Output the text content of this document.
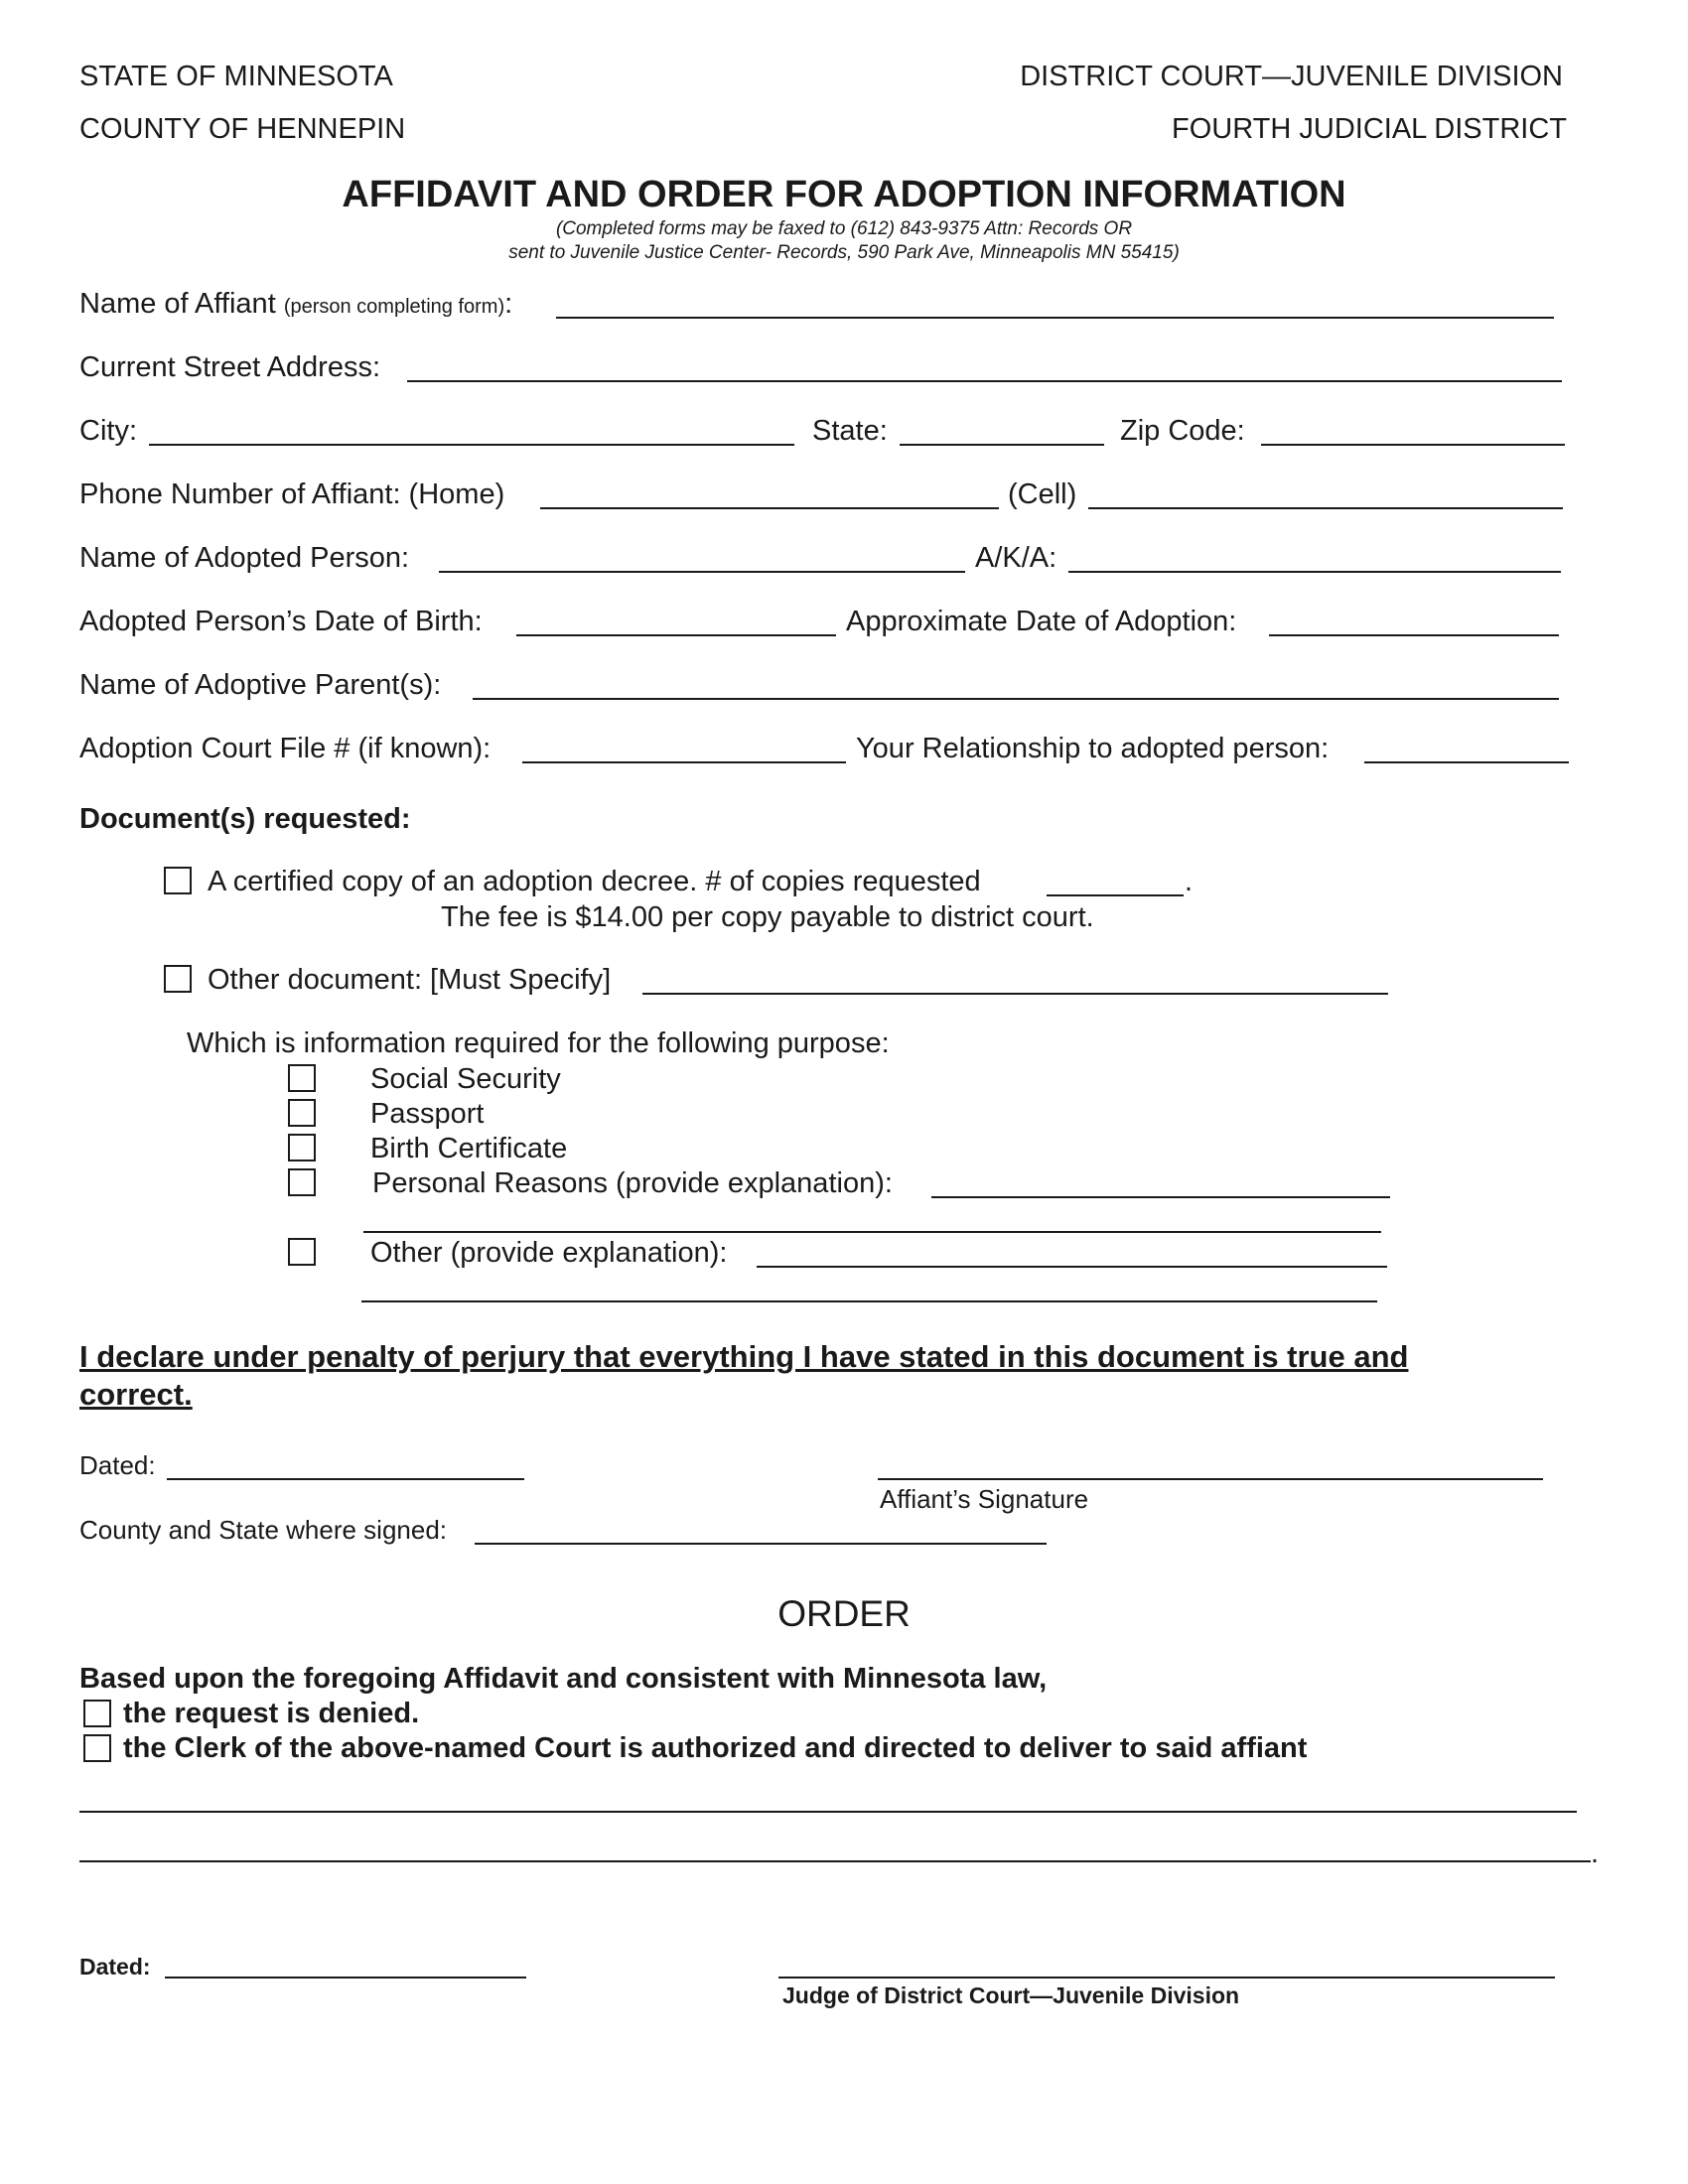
STATE OF MINNESOTA
COUNTY OF HENNEPIN
DISTRICT COURT—JUVENILE DIVISION
FOURTH JUDICIAL DISTRICT
AFFIDAVIT AND ORDER FOR ADOPTION INFORMATION
(Completed forms may be faxed to (612) 843-9375 Attn: Records OR
sent to Juvenile Justice Center- Records, 590 Park Ave, Minneapolis MN 55415)
Name of Affiant (person completing form):
Current Street Address:
City:	State:	Zip Code:
Phone Number of Affiant: (Home)	(Cell)
Name of Adopted Person:	A/K/A:
Adopted Person’s Date of Birth:	Approximate Date of Adoption:
Name of Adoptive Parent(s):
Adoption Court File # (if known):	Your Relationship to adopted person:
Document(s) requested:
A certified copy of an adoption decree. # of copies requested	.
The fee is $14.00 per copy payable to district court.
Other document: [Must Specify]
Which is information required for the following purpose:
Social Security
Passport
Birth Certificate
Personal Reasons (provide explanation):
Other (provide explanation):
I declare under penalty of perjury that everything I have stated in this document is true and
correct.
Dated:
Affiant’s Signature
County and State where signed:
ORDER
Based upon the foregoing Affidavit and consistent with Minnesota law,
the request is denied.
the Clerk of the above-named Court is authorized and directed to deliver to said affiant
.
Dated:
Judge of District Court—Juvenile Division
